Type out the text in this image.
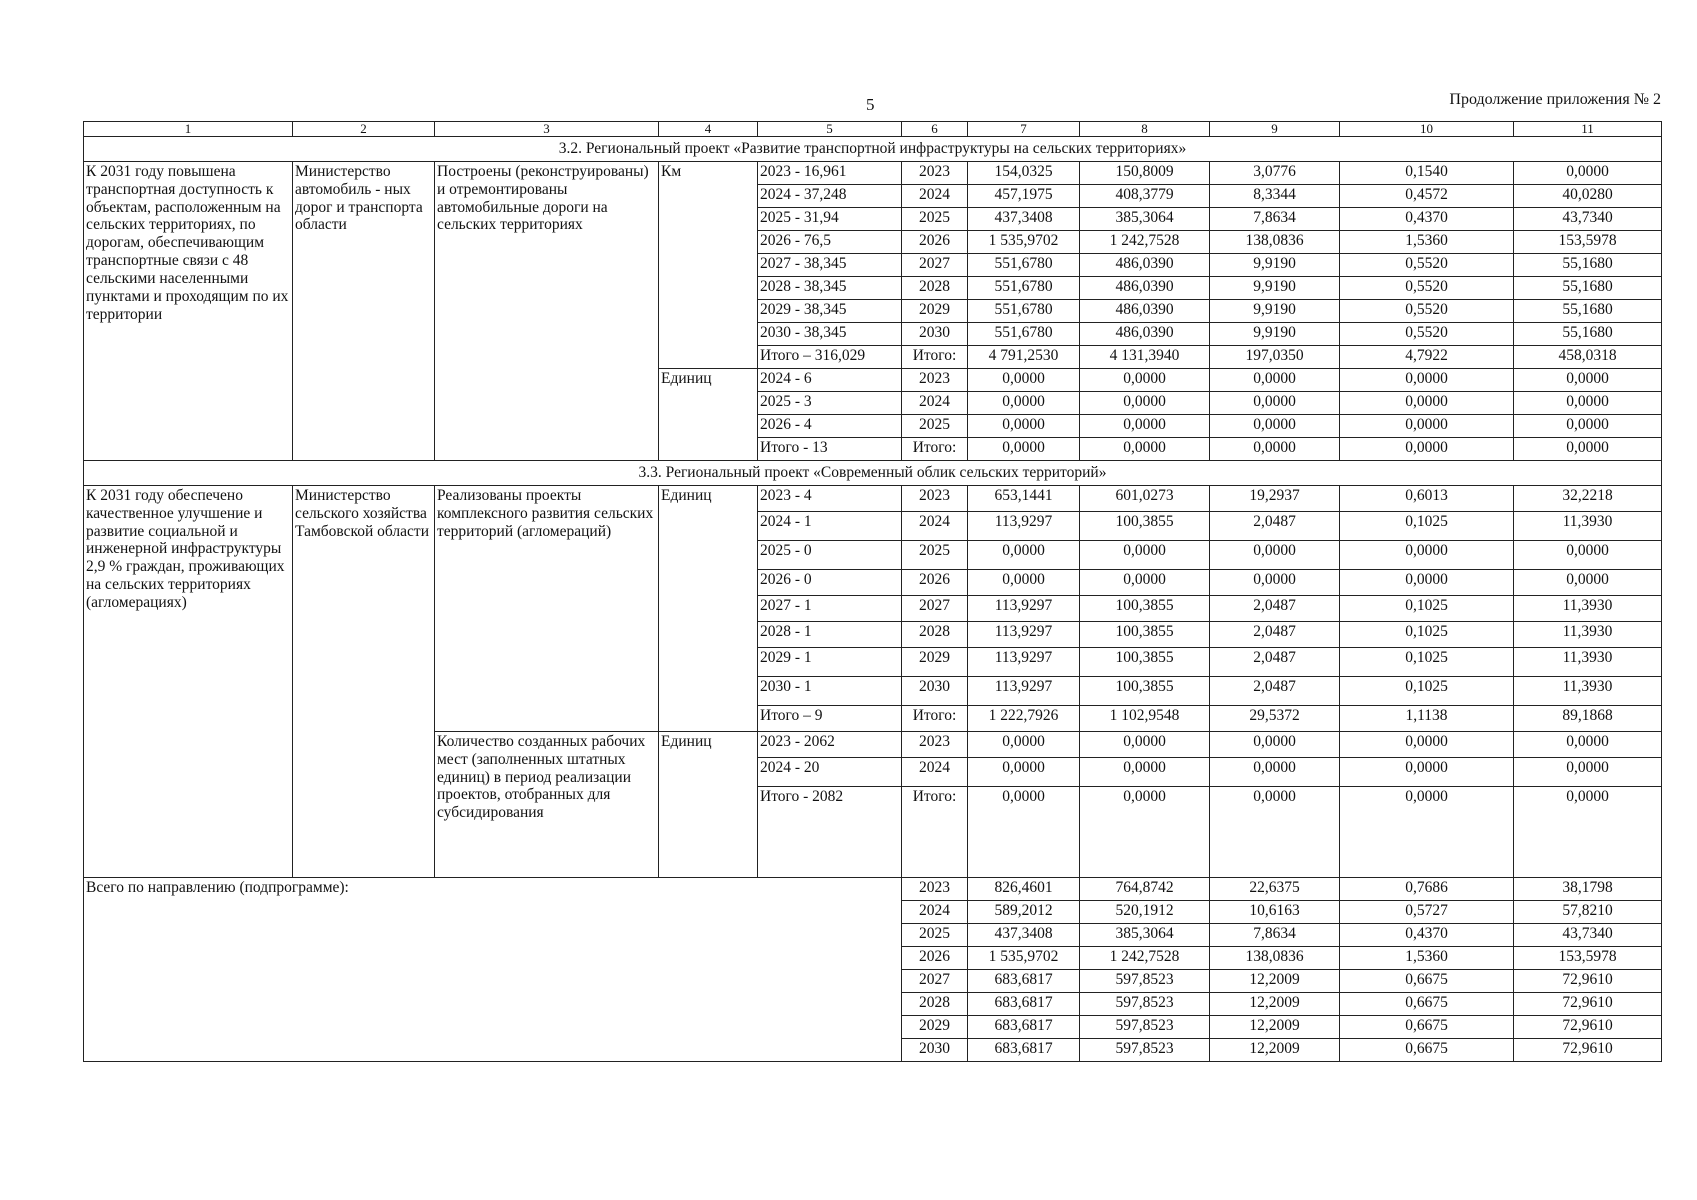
5	Продолжение приложения № 2
1	2	3	4	5	6	7	8	9	10	11
3.2. Региональный проект «Развитие транспортной инфраструктуры на сельских территориях»										
К 2031 году повышена транспортная доступность к объектам, расположенным на сельских территориях, по дорогам, обеспечивающим транспортные связи с 48 сельскими населенными пунктами и проходящим по их территории	Министерство автомобиль - ных дорог и транспорта области	Построены (реконструированы) и отремонтированы автомобильные дороги на сельских территориях	Км	2023 - 16,961	2023	154,0325	150,8009	3,0776	0,1540	0,0000
				2024 - 37,248	2024	457,1975	408,3779	8,3344	0,4572	40,0280
				2025 - 31,94	2025	437,3408	385,3064	7,8634	0,4370	43,7340
				2026 - 76,5	2026	1 535,9702	1 242,7528	138,0836	1,5360	153,5978
				2027 - 38,345	2027	551,6780	486,0390	9,9190	0,5520	55,1680
				2028 - 38,345	2028	551,6780	486,0390	9,9190	0,5520	55,1680
				2029 - 38,345	2029	551,6780	486,0390	9,9190	0,5520	55,1680
				2030 - 38,345	2030	551,6780	486,0390	9,9190	0,5520	55,1680
				Итого – 316,029	Итого:	4 791,2530	4 131,3940	197,0350	4,7922	458,0318
			Единиц	2024 - 6	2023	0,0000	0,0000	0,0000	0,0000	0,0000
				2025 - 3	2024	0,0000	0,0000	0,0000	0,0000	0,0000
				2026 - 4	2025	0,0000	0,0000	0,0000	0,0000	0,0000
				Итого - 13	Итого:	0,0000	0,0000	0,0000	0,0000	0,0000
3.3. Региональный проект «Современный облик сельских территорий»										
К 2031 году обеспечено качественное улучшение и развитие социальной и инженерной инфраструктуры 2,9 % граждан, проживающих на сельских территориях (агломерациях)	Министерство сельского хозяйства Тамбовской области	Реализованы проекты комплексного развития сельских территорий (агломераций)	Единиц	2023 - 4	2023	653,1441	601,0273	19,2937	0,6013	32,2218
				2024 - 1	2024	113,9297	100,3855	2,0487	0,1025	11,3930
				2025 - 0	2025	0,0000	0,0000	0,0000	0,0000	0,0000
				2026 - 0	2026	0,0000	0,0000	0,0000	0,0000	0,0000
				2027 - 1	2027	113,9297	100,3855	2,0487	0,1025	11,3930
				2028 - 1	2028	113,9297	100,3855	2,0487	0,1025	11,3930
				2029 - 1	2029	113,9297	100,3855	2,0487	0,1025	11,3930
				2030 - 1	2030	113,9297	100,3855	2,0487	0,1025	11,3930
				Итого – 9	Итого:	1 222,7926	1 102,9548	29,5372	1,1138	89,1868
		Количество созданных рабочих мест (заполненных штатных единиц) в период реализации проектов, отобранных для субсидирования	Единиц	2023 - 2062	2023	0,0000	0,0000	0,0000	0,0000	0,0000
				2024 - 20	2024	0,0000	0,0000	0,0000	0,0000	0,0000
				Итого - 2082	Итого:	0,0000	0,0000	0,0000	0,0000	0,0000
Всего по направлению (подпрограмме):					2023	826,4601	764,8742	22,6375	0,7686	38,1798
					2024	589,2012	520,1912	10,6163	0,5727	57,8210
					2025	437,3408	385,3064	7,8634	0,4370	43,7340
					2026	1 535,9702	1 242,7528	138,0836	1,5360	153,5978
					2027	683,6817	597,8523	12,2009	0,6675	72,9610
					2028	683,6817	597,8523	12,2009	0,6675	72,9610
					2029	683,6817	597,8523	12,2009	0,6675	72,9610
					2030	683,6817	597,8523	12,2009	0,6675	72,9610
